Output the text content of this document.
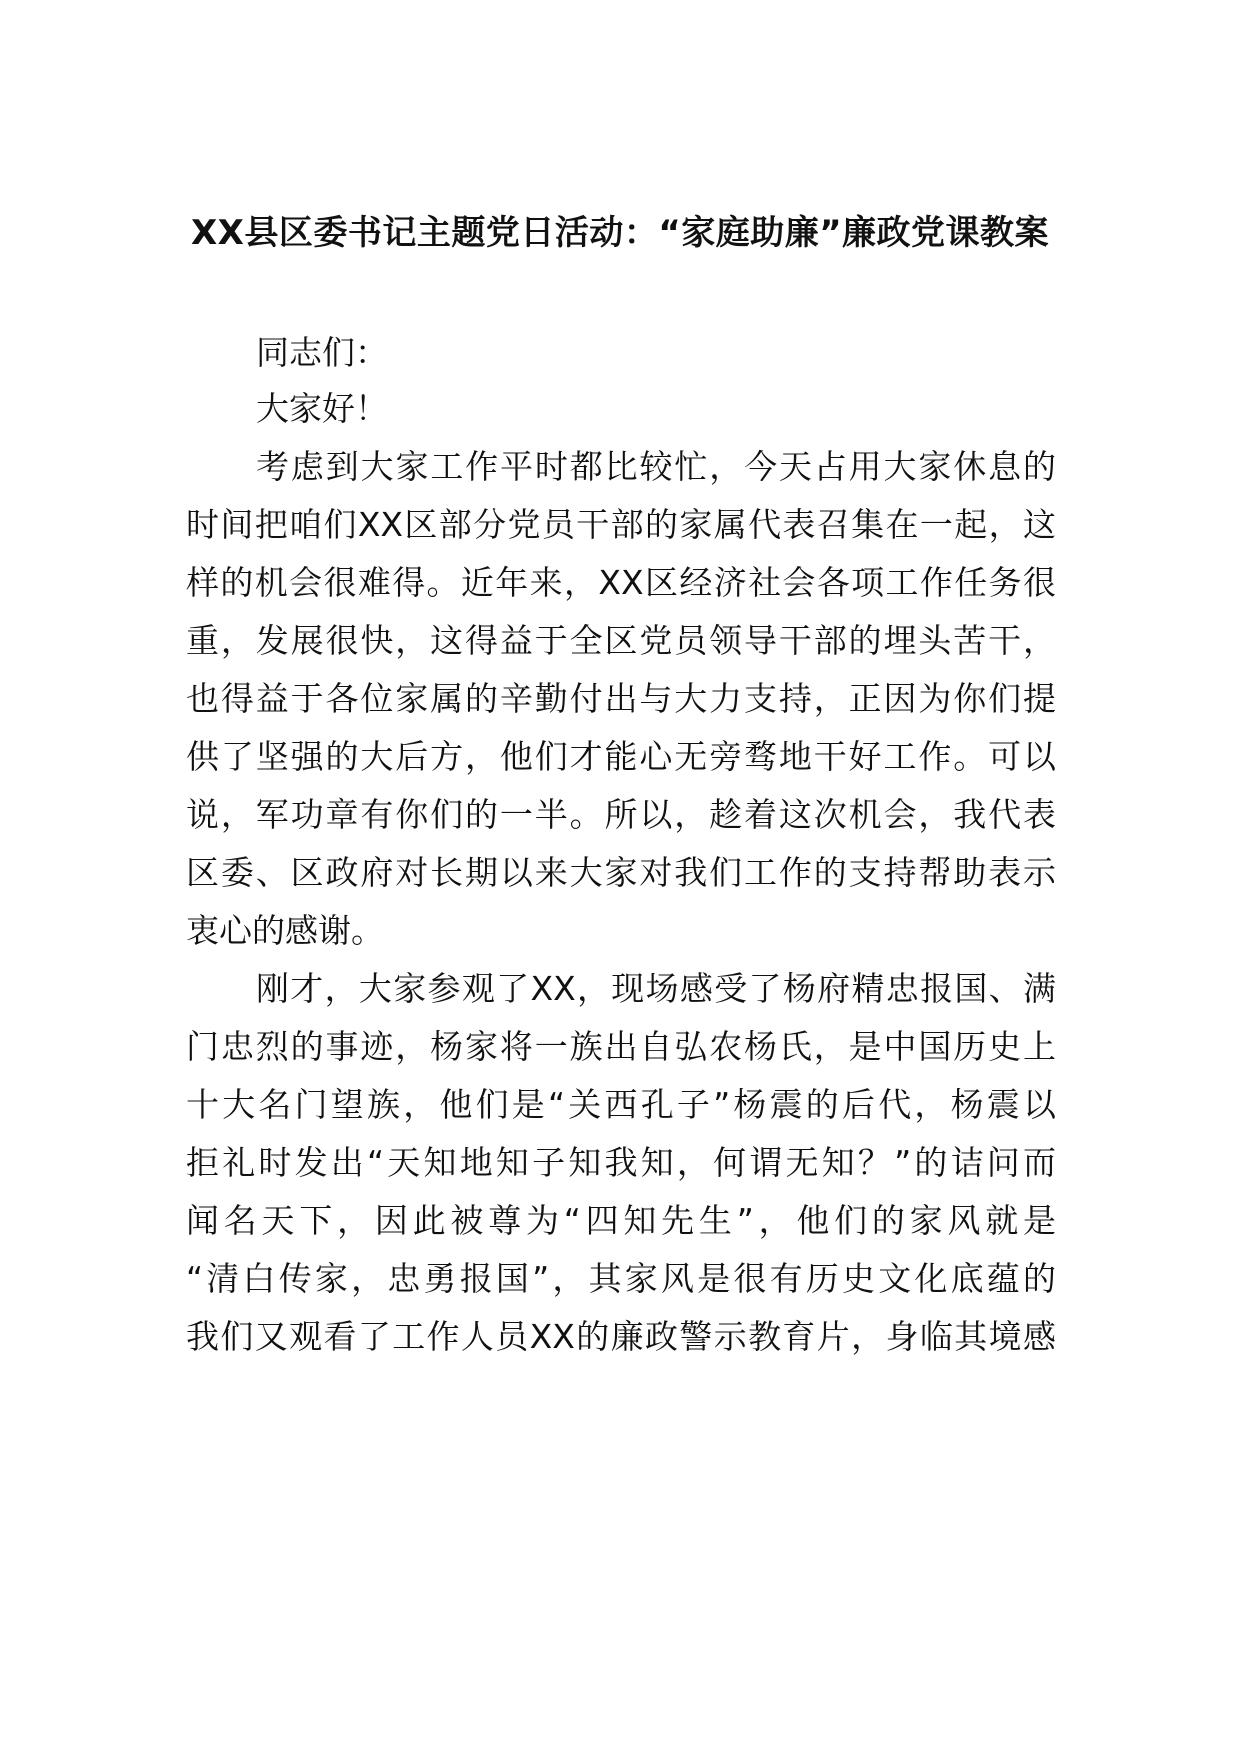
XX县区委书记主题党日活动：“家庭助廉”廉政党课教案
同志们：
大家好！
考虑到大家工作平时都比较忙，今天占用大家休息的
时间把咱们XX区部分党员干部的家属代表召集在一起，这
样的机会很难得。近年来，XX区经济社会各项工作任务很
重，发展很快，这得益于全区党员领导干部的埋头苦干，
也得益于各位家属的辛勤付出与大力支持，正因为你们提
供了坚强的大后方，他们才能心无旁骛地干好工作。可以
说，军功章有你们的一半。所以，趁着这次机会，我代表
区委、区政府对长期以来大家对我们工作的支持帮助表示
衷心的感谢。
刚才，大家参观了XX，现场感受了杨府精忠报国、满
门忠烈的事迹，杨家将一族出自弘农杨氏，是中国历史上
十大名门望族，他们是“关西孔子”杨震的后代，杨震以
拒礼时发出“天知地知子知我知，何谓无知？”的诘问而
闻名天下，因此被尊为“四知先生”，他们的家风就是
“清白传家，忠勇报国”，其家风是很有历史文化底蕴的
我们又观看了工作人员XX的廉政警示教育片，身临其境感
